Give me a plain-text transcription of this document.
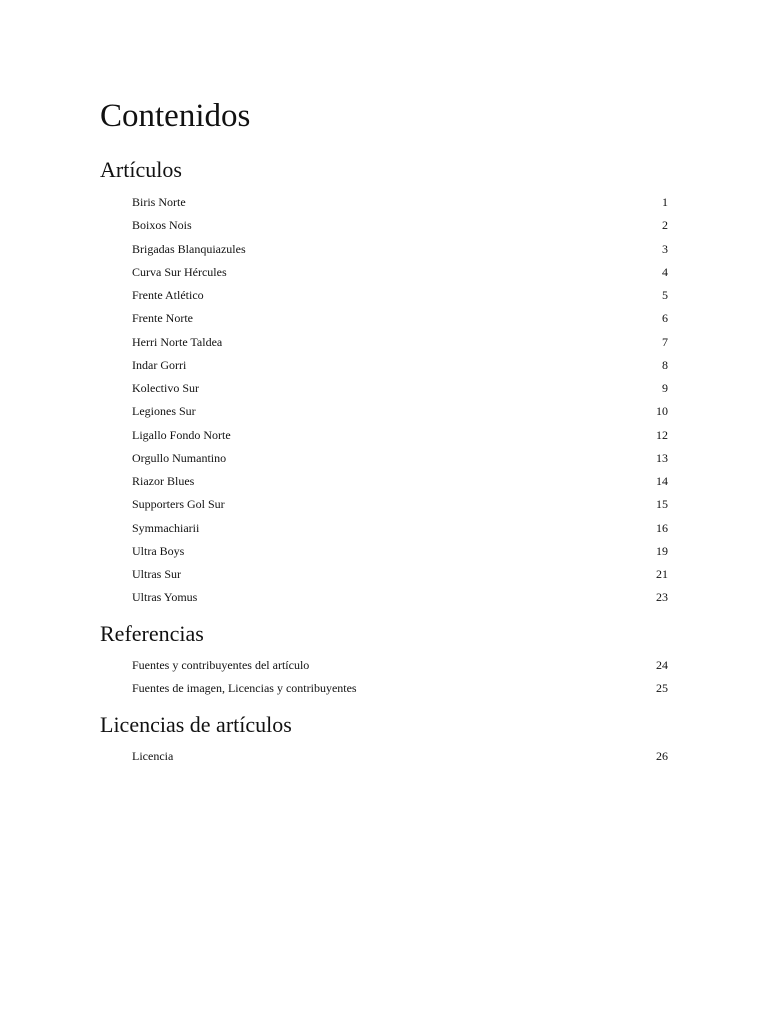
Contenidos
Artículos
Biris Norte	1
Boixos Nois	2
Brigadas Blanquiazules	3
Curva Sur Hércules	4
Frente Atlético	5
Frente Norte	6
Herri Norte Taldea	7
Indar Gorri	8
Kolectivo Sur	9
Legiones Sur	10
Ligallo Fondo Norte	12
Orgullo Numantino	13
Riazor Blues	14
Supporters Gol Sur	15
Symmachiarii	16
Ultra Boys	19
Ultras Sur	21
Ultras Yomus	23
Referencias
Fuentes y contribuyentes del artículo	24
Fuentes de imagen, Licencias y contribuyentes	25
Licencias de artículos
Licencia	26
